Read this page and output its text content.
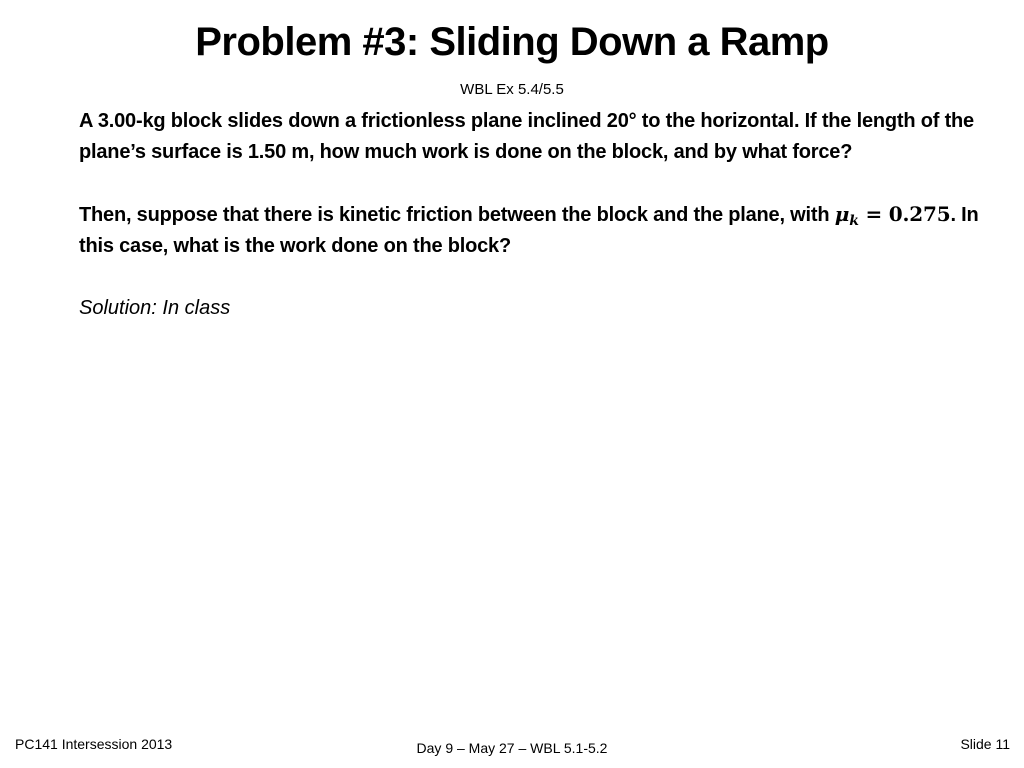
Problem #3: Sliding Down a Ramp
WBL Ex 5.4/5.5

A 3.00-kg block slides down a frictionless plane inclined 20° to the horizontal. If the length of the plane’s surface is 1.50 m, how much work is done on the block, and by what force?

Then, suppose that there is kinetic friction between the block and the plane, with $\mu_k = 0.275$. In this case, what is the work done on the block?

Solution: In class

PC141 Intersession 2013	Day 9 – May 27 – WBL 5.1-5.2	Slide 11
